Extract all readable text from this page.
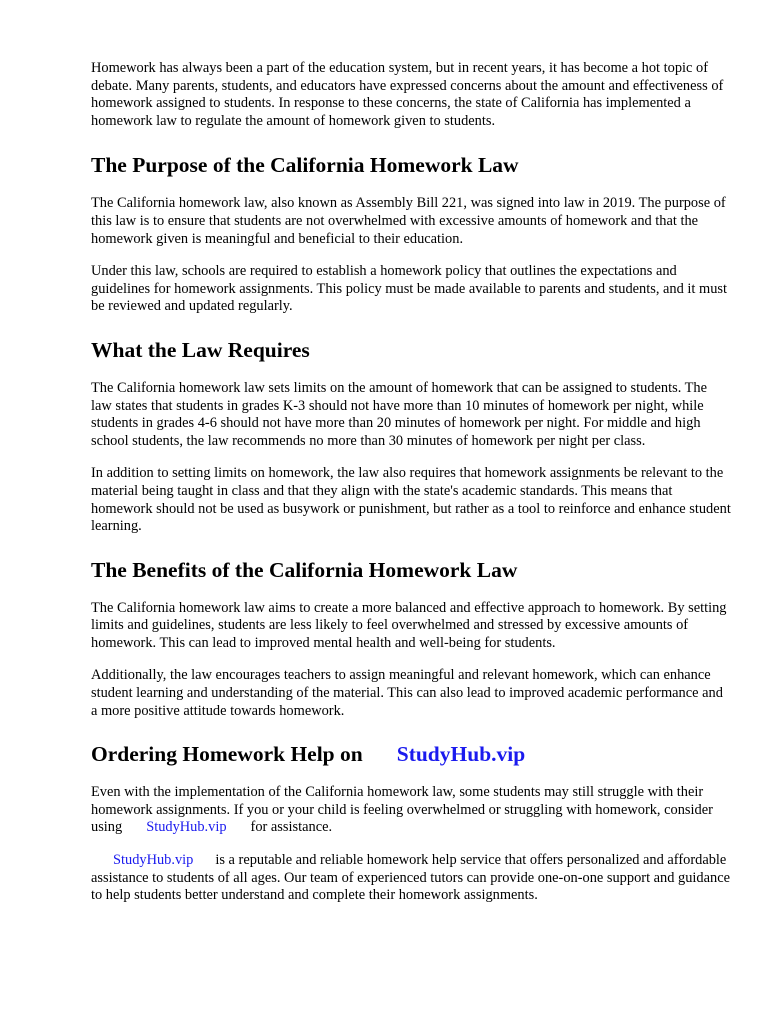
Homework has always been a part of the education system, but in recent years, it has become a hot topic of debate. Many parents, students, and educators have expressed concerns about the amount and effectiveness of homework assigned to students. In response to these concerns, the state of California has implemented a homework law to regulate the amount of homework given to students.

The Purpose of the California Homework Law

The California homework law, also known as Assembly Bill 221, was signed into law in 2019. The purpose of this law is to ensure that students are not overwhelmed with excessive amounts of homework and that the homework given is meaningful and beneficial to their education.

Under this law, schools are required to establish a homework policy that outlines the expectations and guidelines for homework assignments. This policy must be made available to parents and students, and it must be reviewed and updated regularly.

What the Law Requires

The California homework law sets limits on the amount of homework that can be assigned to students. The law states that students in grades K-3 should not have more than 10 minutes of homework per night, while students in grades 4-6 should not have more than 20 minutes of homework per night. For middle and high school students, the law recommends no more than 30 minutes of homework per night per class.

In addition to setting limits on homework, the law also requires that homework assignments be relevant to the material being taught in class and that they align with the state's academic standards. This means that homework should not be used as busywork or punishment, but rather as a tool to reinforce and enhance student learning.

The Benefits of the California Homework Law

The California homework law aims to create a more balanced and effective approach to homework. By setting limits and guidelines, students are less likely to feel overwhelmed and stressed by excessive amounts of homework. This can lead to improved mental health and well-being for students.

Additionally, the law encourages teachers to assign meaningful and relevant homework, which can enhance student learning and understanding of the material. This can also lead to improved academic performance and a more positive attitude towards homework.

Ordering Homework Help on StudyHub.vip

Even with the implementation of the California homework law, some students may still struggle with their homework assignments. If you or your child is feeling overwhelmed or struggling with homework, consider using StudyHub.vip for assistance.

StudyHub.vip is a reputable and reliable homework help service that offers personalized and affordable assistance to students of all ages. Our team of experienced tutors can provide one-on-one support and guidance to help students better understand and complete their homework assignments.
